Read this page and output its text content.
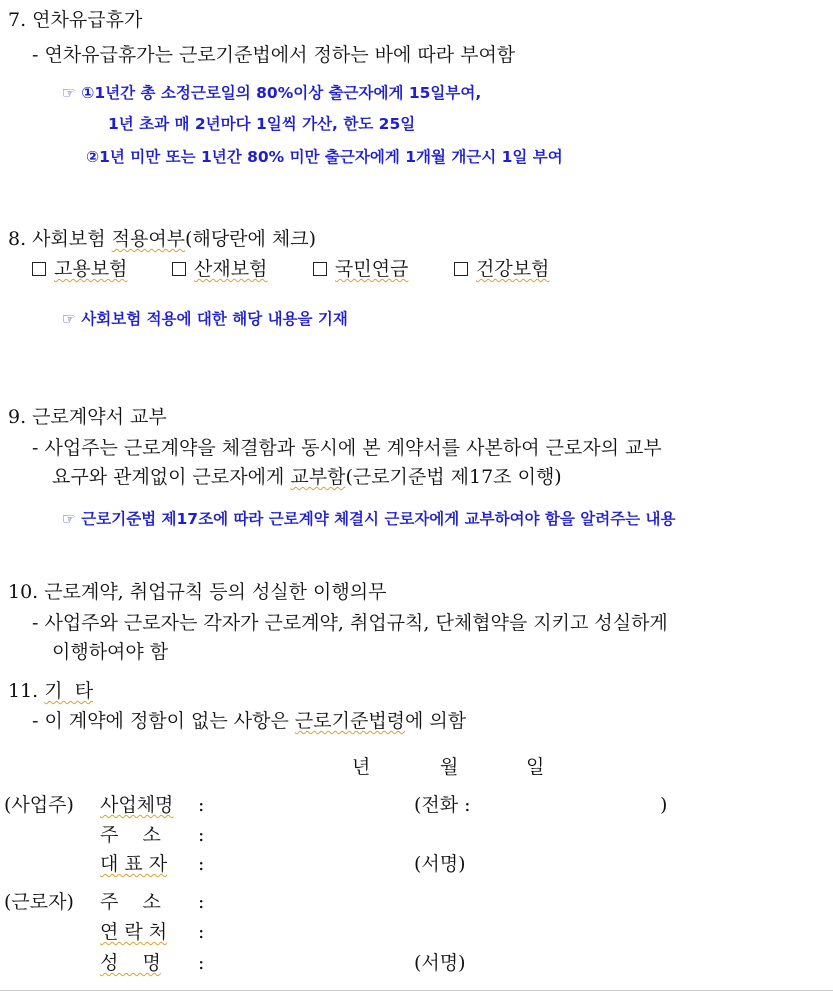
7. 연차유급휴가
- 연차유급휴가는 근로기준법에서 정하는 바에 따라 부여함
☞ ①1년간 총 소정근로일의 80%이상 출근자에게 15일부여,
1년 초과 매 2년마다 1일씩 가산, 한도 25일
②1년 미만 또는 1년간 80% 미만 출근자에게 1개월 개근시 1일 부여
8. 사회보험 적용여부(해당란에 체크)
고용보험	산재보험	국민연금	건강보험
☞ 사회보험 적용에 대한 해당 내용을 기재
9. 근로계약서 교부
- 사업주는 근로계약을 체결함과 동시에 본 계약서를 사본하여 근로자의 교부
요구와 관계없이 근로자에게 교부함(근로기준법 제17조 이행)
☞ 근로기준법 제17조에 따라 근로계약 체결시 근로자에게 교부하여야 함을 알려주는 내용
10. 근로계약, 취업규칙 등의 성실한 이행의무
- 사업주와 근로자는 각자가 근로계약, 취업규칙, 단체협약을 지키고 성실하게
이행하여야 함
11. 기  타
- 이 계약에 정함이 없는 사항은 근로기준법령에 의함
년	월	일
(사업주) 사업체명 :	(전화 :	)
주    소 :
대 표 자 :	(서명)
(근로자) 주    소 :
연 락 처 :
성    명 :	(서명)
